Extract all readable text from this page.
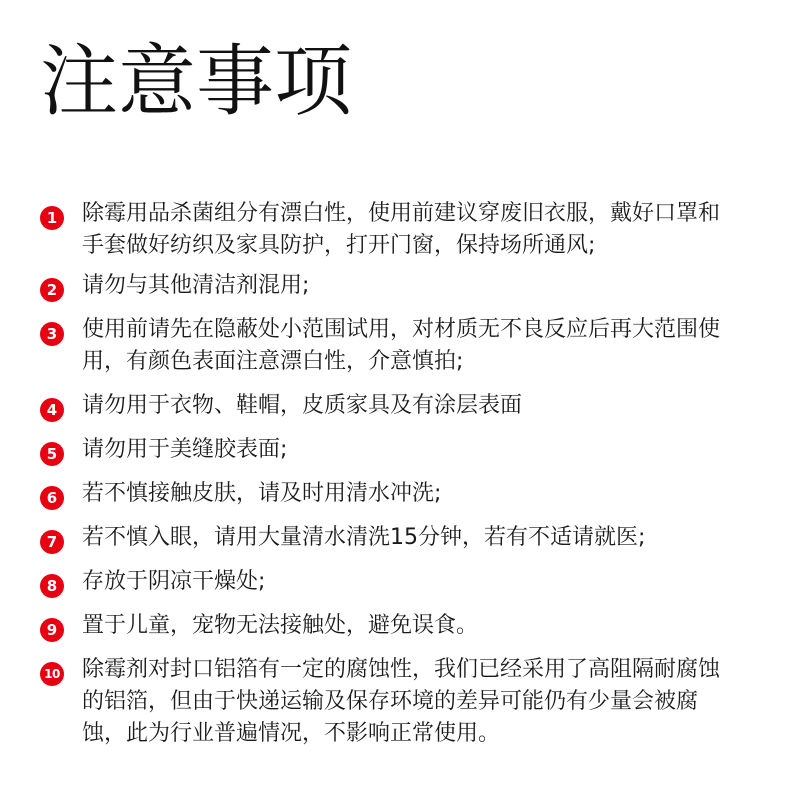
注意事项
1	除霉用品杀菌组分有漂白性，使用前建议穿废旧衣服，戴好口罩和手套做好纺织及家具防护，打开门窗，保持场所通风;
2	请勿与其他清洁剂混用;
3	使用前请先在隐蔽处小范围试用，对材质无不良反应后再大范围使用，有颜色表面注意漂白性，介意慎拍;
4	请勿用于衣物、鞋帽，皮质家具及有涂层表面
5	请勿用于美缝胶表面;
6	若不慎接触皮肤，请及时用清水冲洗;
7	若不慎入眼，请用大量清水清洗15分钟，若有不适请就医;
8	存放于阴凉干燥处;
9	置于儿童，宠物无法接触处，避免误食。
10 除霉剂对封口铝箔有一定的腐蚀性，我们已经采用了高阻隔耐腐蚀的铝箔，但由于快递运输及保存环境的差异可能仍有少量会被腐蚀，此为行业普遍情况，不影响正常使用。
